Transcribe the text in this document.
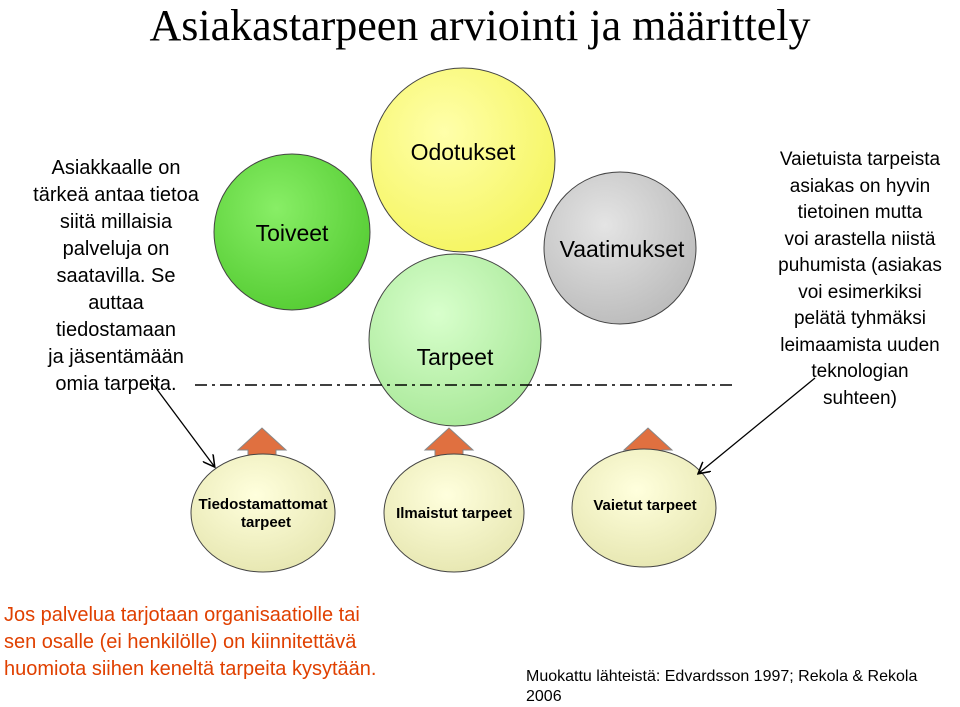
Asiakastarpeen arviointi ja määrittely
Asiakkaalle on
tärkeä antaa tietoa
siitä millaisia
palveluja on
saatavilla. Se auttaa
tiedostamaan
ja jäsentämään
omia tarpeita.
Toiveet
Odotukset
Tarpeet
Vaatimukset
Tiedostamattomat
tarpeet
Ilmaistut tarpeet	Vaietut tarpeet
Vaietuista tarpeista
asiakas on hyvin
tietoinen mutta
voi arastella niistä
puhumista (asiakas
voi esimerkiksi
pelätä tyhmäksi
leimaamista uuden
teknologian
suhteen)
Jos palvelua tarjotaan organisaatiolle tai
sen osalle (ei henkilölle) on kiinnitettävä
huomiota siihen keneltä tarpeita kysytään.	Muokattu lähteistä: Edvardsson 1997; Rekola & Rekola 2006
